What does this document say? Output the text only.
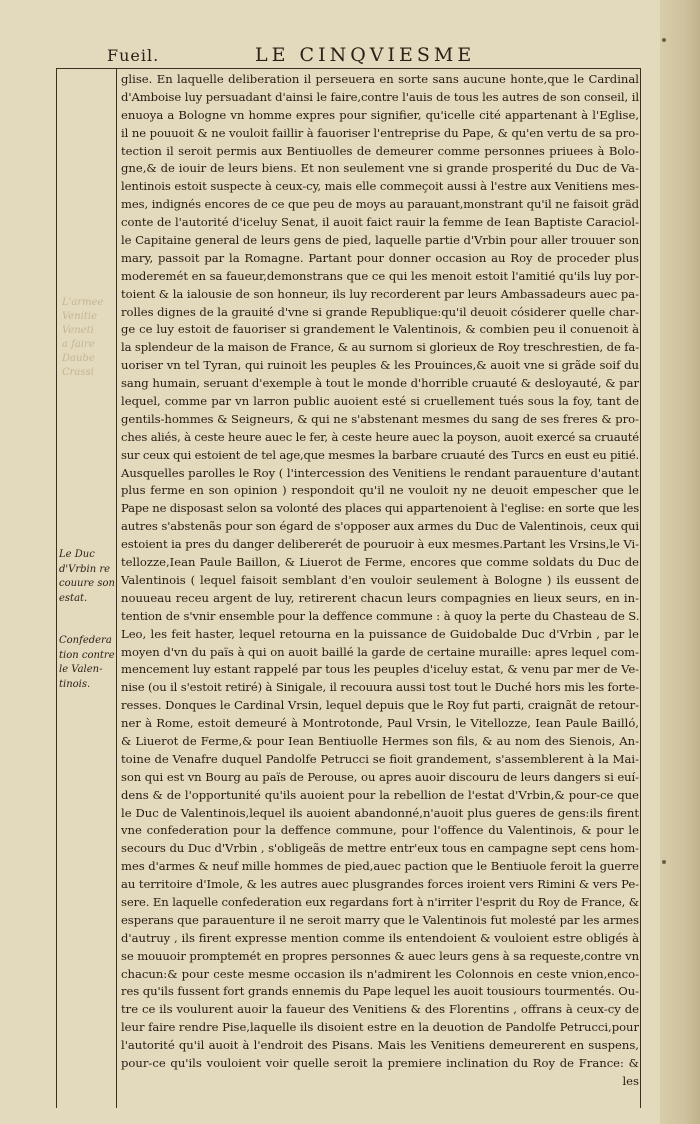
Fueil.	LE CINQVIESME
L'armee
Venitie
Veneti
a faire
Daube
Crassi
Le Duc
d'Vrbin re
couure son
estat.
Confedera
tion contre
le Valen-
tinois.
glise. En laquelle deliberation il perseuera en sorte sans aucune honte,que le Cardinal
d'Amboise luy persuadant d'ainsi le faire,contre l'auis de tous les autres de son conseil, il
enuoya a Bologne vn homme expres pour signifier, qu'icelle cité appartenant à l'Eglise,
il ne pouuoit & ne vouloit faillir à fauoriser l'entreprise du Pape, & qu'en vertu de sa pro-
tection il seroit permis aux Bentiuolles de demeurer comme personnes priuees à Bolo-
gne,& de iouir de leurs biens. Et non seulement vne si grande prosperité du Duc de Va-
lentinois estoit suspecte à ceux-cy, mais elle commeçoit aussi à l'estre aux Venitiens mes-
mes, indignés encores de ce que peu de moys au parauant,monstrant qu'il ne faisoit gräd
conte de l'autorité d'iceluy Senat, il auoit faict rauir la femme de Iean Baptiste Caraciol-
le Capitaine general de leurs gens de pied, laquelle partie d'Vrbin pour aller trouuer son
mary, passoit par la Romagne. Partant pour donner occasion au Roy de proceder plus
moderemét en sa faueur,demonstrans que ce qui les menoit estoit l'amitié qu'ils luy por-
toient & la ialousie de son honneur, ils luy recorderent par leurs Ambassadeurs auec pa-
rolles dignes de la grauité d'vne si grande Republique:qu'il deuoit cósiderer quelle char-
ge ce luy estoit de fauoriser si grandement le Valentinois, & combien peu il conuenoit à
la splendeur de la maison de France, & au surnom si glorieux de Roy treschrestien, de fa-
uoriser vn tel Tyran, qui ruinoit les peuples & les Prouinces,& auoit vne si grãde soif du
sang humain, seruant d'exemple à tout le monde d'horrible cruauté & desloyauté, & par
lequel, comme par vn larron public auoient esté si cruellement tués sous la foy, tant de
gentils-hommes & Seigneurs, & qui ne s'abstenant mesmes du sang de ses freres & pro-
ches aliés, à ceste heure auec le fer, à ceste heure auec la poyson, auoit exercé sa cruauté
sur ceux qui estoient de tel age,que mesmes la barbare cruauté des Turcs en eust eu pitié.
Ausquelles parolles le Roy ( l'intercession des Venitiens le rendant parauenture d'autant
plus ferme en son opinion ) respondoit qu'il ne vouloit ny ne deuoit empescher que le
Pape ne disposast selon sa volonté des places qui appartenoient à l'eglise: en sorte que les
autres s'abstenãs pour son égard de s'opposer aux armes du Duc de Valentinois, ceux qui
estoient ia pres du danger delibererét de pouruoir à eux mesmes.Partant les Vrsins,le Vi-
tellozze,Iean Paule Baillon, & Liuerot de Ferme, encores que comme soldats du Duc de
Valentinois ( lequel faisoit semblant d'en vouloir seulement à Bologne ) ils eussent de
nouueau receu argent de luy, retirerent chacun leurs compagnies en lieux seurs, en in-
tention de s'vnir ensemble pour la deffence commune : à quoy la perte du Chasteau de S.
Leo, les feit haster, lequel retourna en la puissance de Guidobalde Duc d'Vrbin , par le
moyen d'vn du païs à qui on auoit baillé la garde de certaine muraille: apres lequel com-
mencement luy estant rappelé par tous les peuples d'iceluy estat, & venu par mer de Ve-
nise (ou il s'estoit retiré) à Sinigale, il recouura aussi tost tout le Duché hors mis les forte-
resses. Donques le Cardinal Vrsin, lequel depuis que le Roy fut parti, craignãt de retour-
ner à Rome, estoit demeuré à Montrotonde, Paul Vrsin, le Vitellozze, Iean Paule Bailló,
& Liuerot de Ferme,& pour Iean Bentiuolle Hermes son fils, & au nom des Sienois, An-
toine de Venafre duquel Pandolfe Petrucci se fioit grandement, s'assemblerent à la Mai-
son qui est vn Bourg au païs de Perouse, ou apres auoir discouru de leurs dangers si euí-
dens & de l'opportunité qu'ils auoient pour la rebellion de l'estat d'Vrbin,& pour-ce que
le Duc de Valentinois,lequel ils auoient abandonné,n'auoit plus gueres de gens:ils firent
vne confederation pour la deffence commune, pour l'offence du Valentinois, & pour le
secours du Duc d'Vrbin , s'obligeãs de mettre entr'eux tous en campagne sept cens hom-
mes d'armes & neuf mille hommes de pied,auec paction que le Bentiuole feroit la guerre
au territoire d'Imole, & les autres auec plusgrandes forces iroient vers Rimini & vers Pe-
sere. En laquelle confederation eux regardans fort à n'irriter l'esprit du Roy de France, &
esperans que parauenture il ne seroit marry que le Valentinois fut molesté par les armes
d'autruy , ils firent expresse mention comme ils entendoient & vouloient estre obligés à
se mouuoir promptemét en propres personnes & auec leurs gens à sa requeste,contre vn
chacun:& pour ceste mesme occasion ils n'admirent les Colonnois en ceste vnion,enco-
res qu'ils fussent fort grands ennemis du Pape lequel les auoit tousiours tourmentés. Ou-
tre ce ils voulurent auoir la faueur des Venitiens & des Florentins , offrans à ceux-cy de
leur faire rendre Pise,laquelle ils disoient estre en la deuotion de Pandolfe Petrucci,pour
l'autorité qu'il auoit à l'endroit des Pisans. Mais les Venitiens demeurerent en suspens,
pour-ce qu'ils vouloient voir quelle seroit la premiere inclination du Roy de France: &
les
